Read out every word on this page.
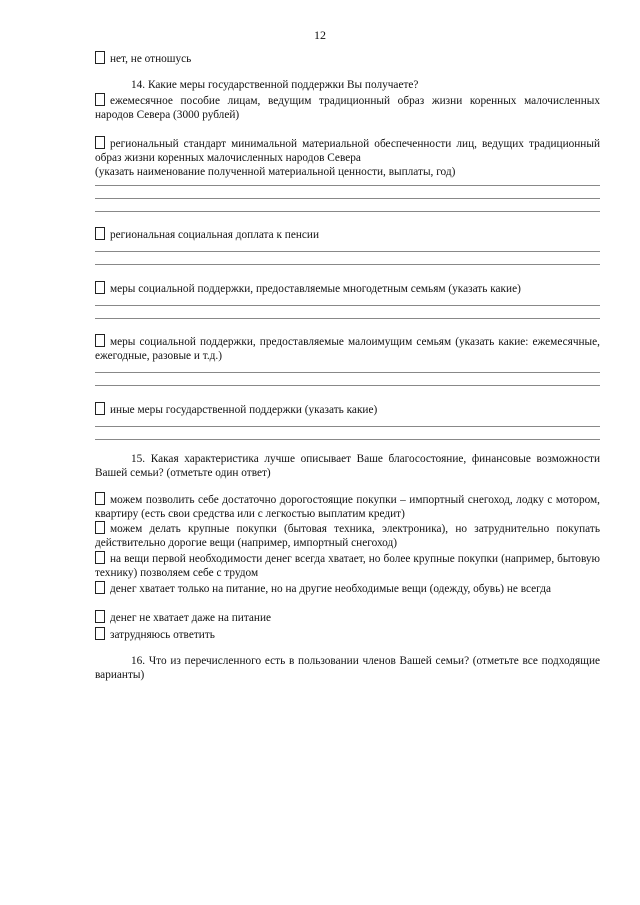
12
нет, не отношусь
14. Какие меры государственной поддержки Вы получаете?
ежемесячное пособие лицам, ведущим традиционный образ жизни коренных малочисленных народов Севера (3000 рублей)
региональный стандарт минимальной материальной обеспеченности лиц, ведущих традиционный образ жизни коренных малочисленных народов Севера
(указать наименование полученной материальной ценности, выплаты, год)
региональная социальная доплата к пенсии
меры социальной поддержки, предоставляемые многодетным семьям (указать какие)
меры социальной поддержки, предоставляемые малоимущим семьям (указать какие: ежемесячные, ежегодные, разовые и т.д.)
иные меры государственной поддержки (указать какие)
15. Какая характеристика лучше описывает Ваше благосостояние, финансовые возможности Вашей семьи? (отметьте один ответ)
можем позволить себе достаточно дорогостоящие покупки – импортный снегоход, лодку с мотором, квартиру (есть свои средства или с легкостью выплатим кредит)
можем делать крупные покупки (бытовая техника, электроника), но затруднительно покупать действительно дорогие вещи (например, импортный снегоход)
на вещи первой необходимости денег всегда хватает, но более крупные покупки (например, бытовую технику) позволяем себе с трудом
денег хватает только на питание, но на другие необходимые вещи (одежду, обувь) не всегда
денег не хватает даже на питание
затрудняюсь ответить
16. Что из перечисленного есть в пользовании членов Вашей семьи? (отметьте все подходящие варианты)
